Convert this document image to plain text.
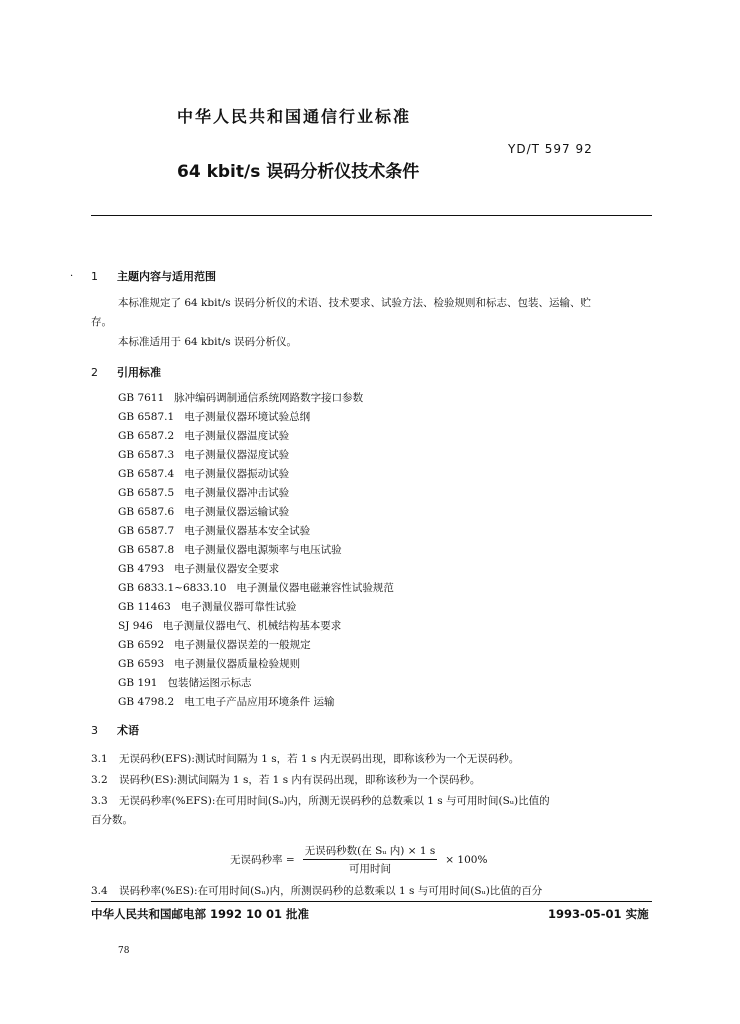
中华人民共和国通信行业标准
YD/T 597 92
64 kbit/s 误码分析仪技术条件
· 1 主题内容与适用范围
本标准规定了 64 kbit/s 误码分析仪的术语、技术要求、试验方法、检验规则和标志、包装、运输、贮
存。
本标准适用于 64 kbit/s 误码分析仪。
2 引用标准
GB 7611 脉冲编码调制通信系统网路数字接口参数
GB 6587.1 电子测量仪器环境试验总纲
GB 6587.2 电子测量仪器温度试验
GB 6587.3 电子测量仪器湿度试验
GB 6587.4 电子测量仪器振动试验
GB 6587.5 电子测量仪器冲击试验
GB 6587.6 电子测量仪器运输试验
GB 6587.7 电子测量仪器基本安全试验
GB 6587.8 电子测量仪器电源频率与电压试验
GB 4793 电子测量仪器安全要求
GB 6833.1~6833.10 电子测量仪器电磁兼容性试验规范
GB 11463 电子测量仪器可靠性试验
SJ 946 电子测量仪器电气、机械结构基本要求
GB 6592 电子测量仪器误差的一般规定
GB 6593 电子测量仪器质量检验规则
GB 191 包装储运图示标志
GB 4798.2 电工电子产品应用环境条件 运输
3 术语
3.1 无误码秒(EFS):测试时间隔为 1 s，若 1 s 内无误码出现，即称该秒为一个无误码秒。
3.2 误码秒(ES):测试间隔为 1 s，若 1 s 内有误码出现，即称该秒为一个误码秒。
3.3 无误码秒率(%EFS):在可用时间(Sᵤ)内，所测无误码秒的总数乘以 1 s 与可用时间(Sᵤ)比值的
百分数。
无误码秒率 = $\frac{\text{无误码秒数(在 Sᵤ 内) × 1 s}}{\text{可用时间}} \times 100\%$
3.4 误码秒率(%ES):在可用时间(Sᵤ)内，所测误码秒的总数乘以 1 s 与可用时间(Sᵤ)比值的百分
中华人民共和国邮电部 1992 10 01 批准	1993-05-01 实施
78
